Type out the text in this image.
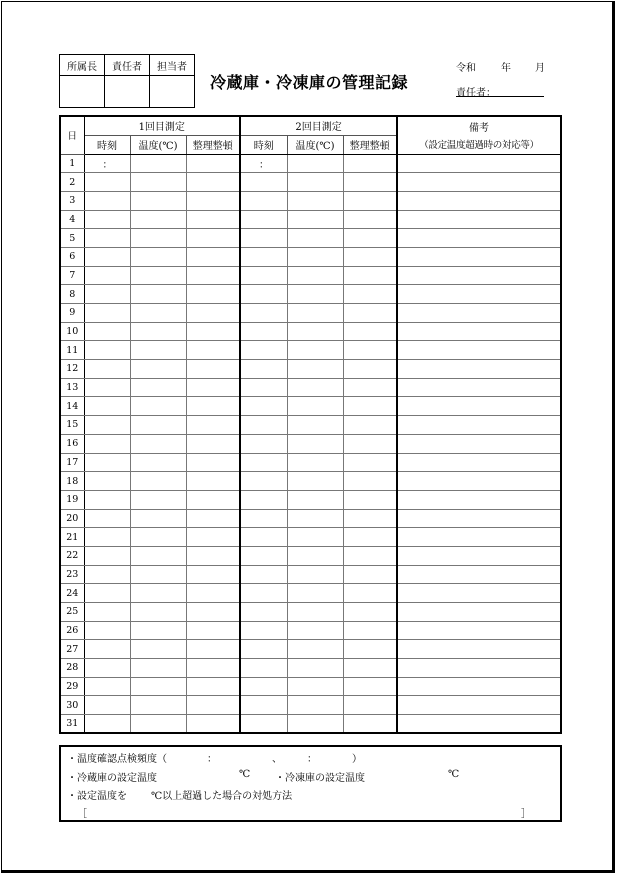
所属長	責任者	担当者

冷蔵庫・冷凍庫の管理記録
令和	年 月
責任者：
日	1回目測定			2回目測定			備考
	時刻	温度(℃)	整理整頓	時刻	温度(℃)	整理整頓	（設定温度超過時の対応等）
1	：			：			
2							
3							
4							
5							
6							
7							
8							
9							
10							
11							
12							
13							
14							
15							
16							
17							
18							
19							
20							
21							
22							
23							
24							
25							
26							
27							
28							
29							
30							
31							
・温度確認点検頻度（　　　　：　　　　　　、　　　：　　　　）
・冷蔵庫の設定温度	℃ ・冷凍庫の設定温度	℃
・設定温度を ℃以上超過した場合の対処方法
［	］
